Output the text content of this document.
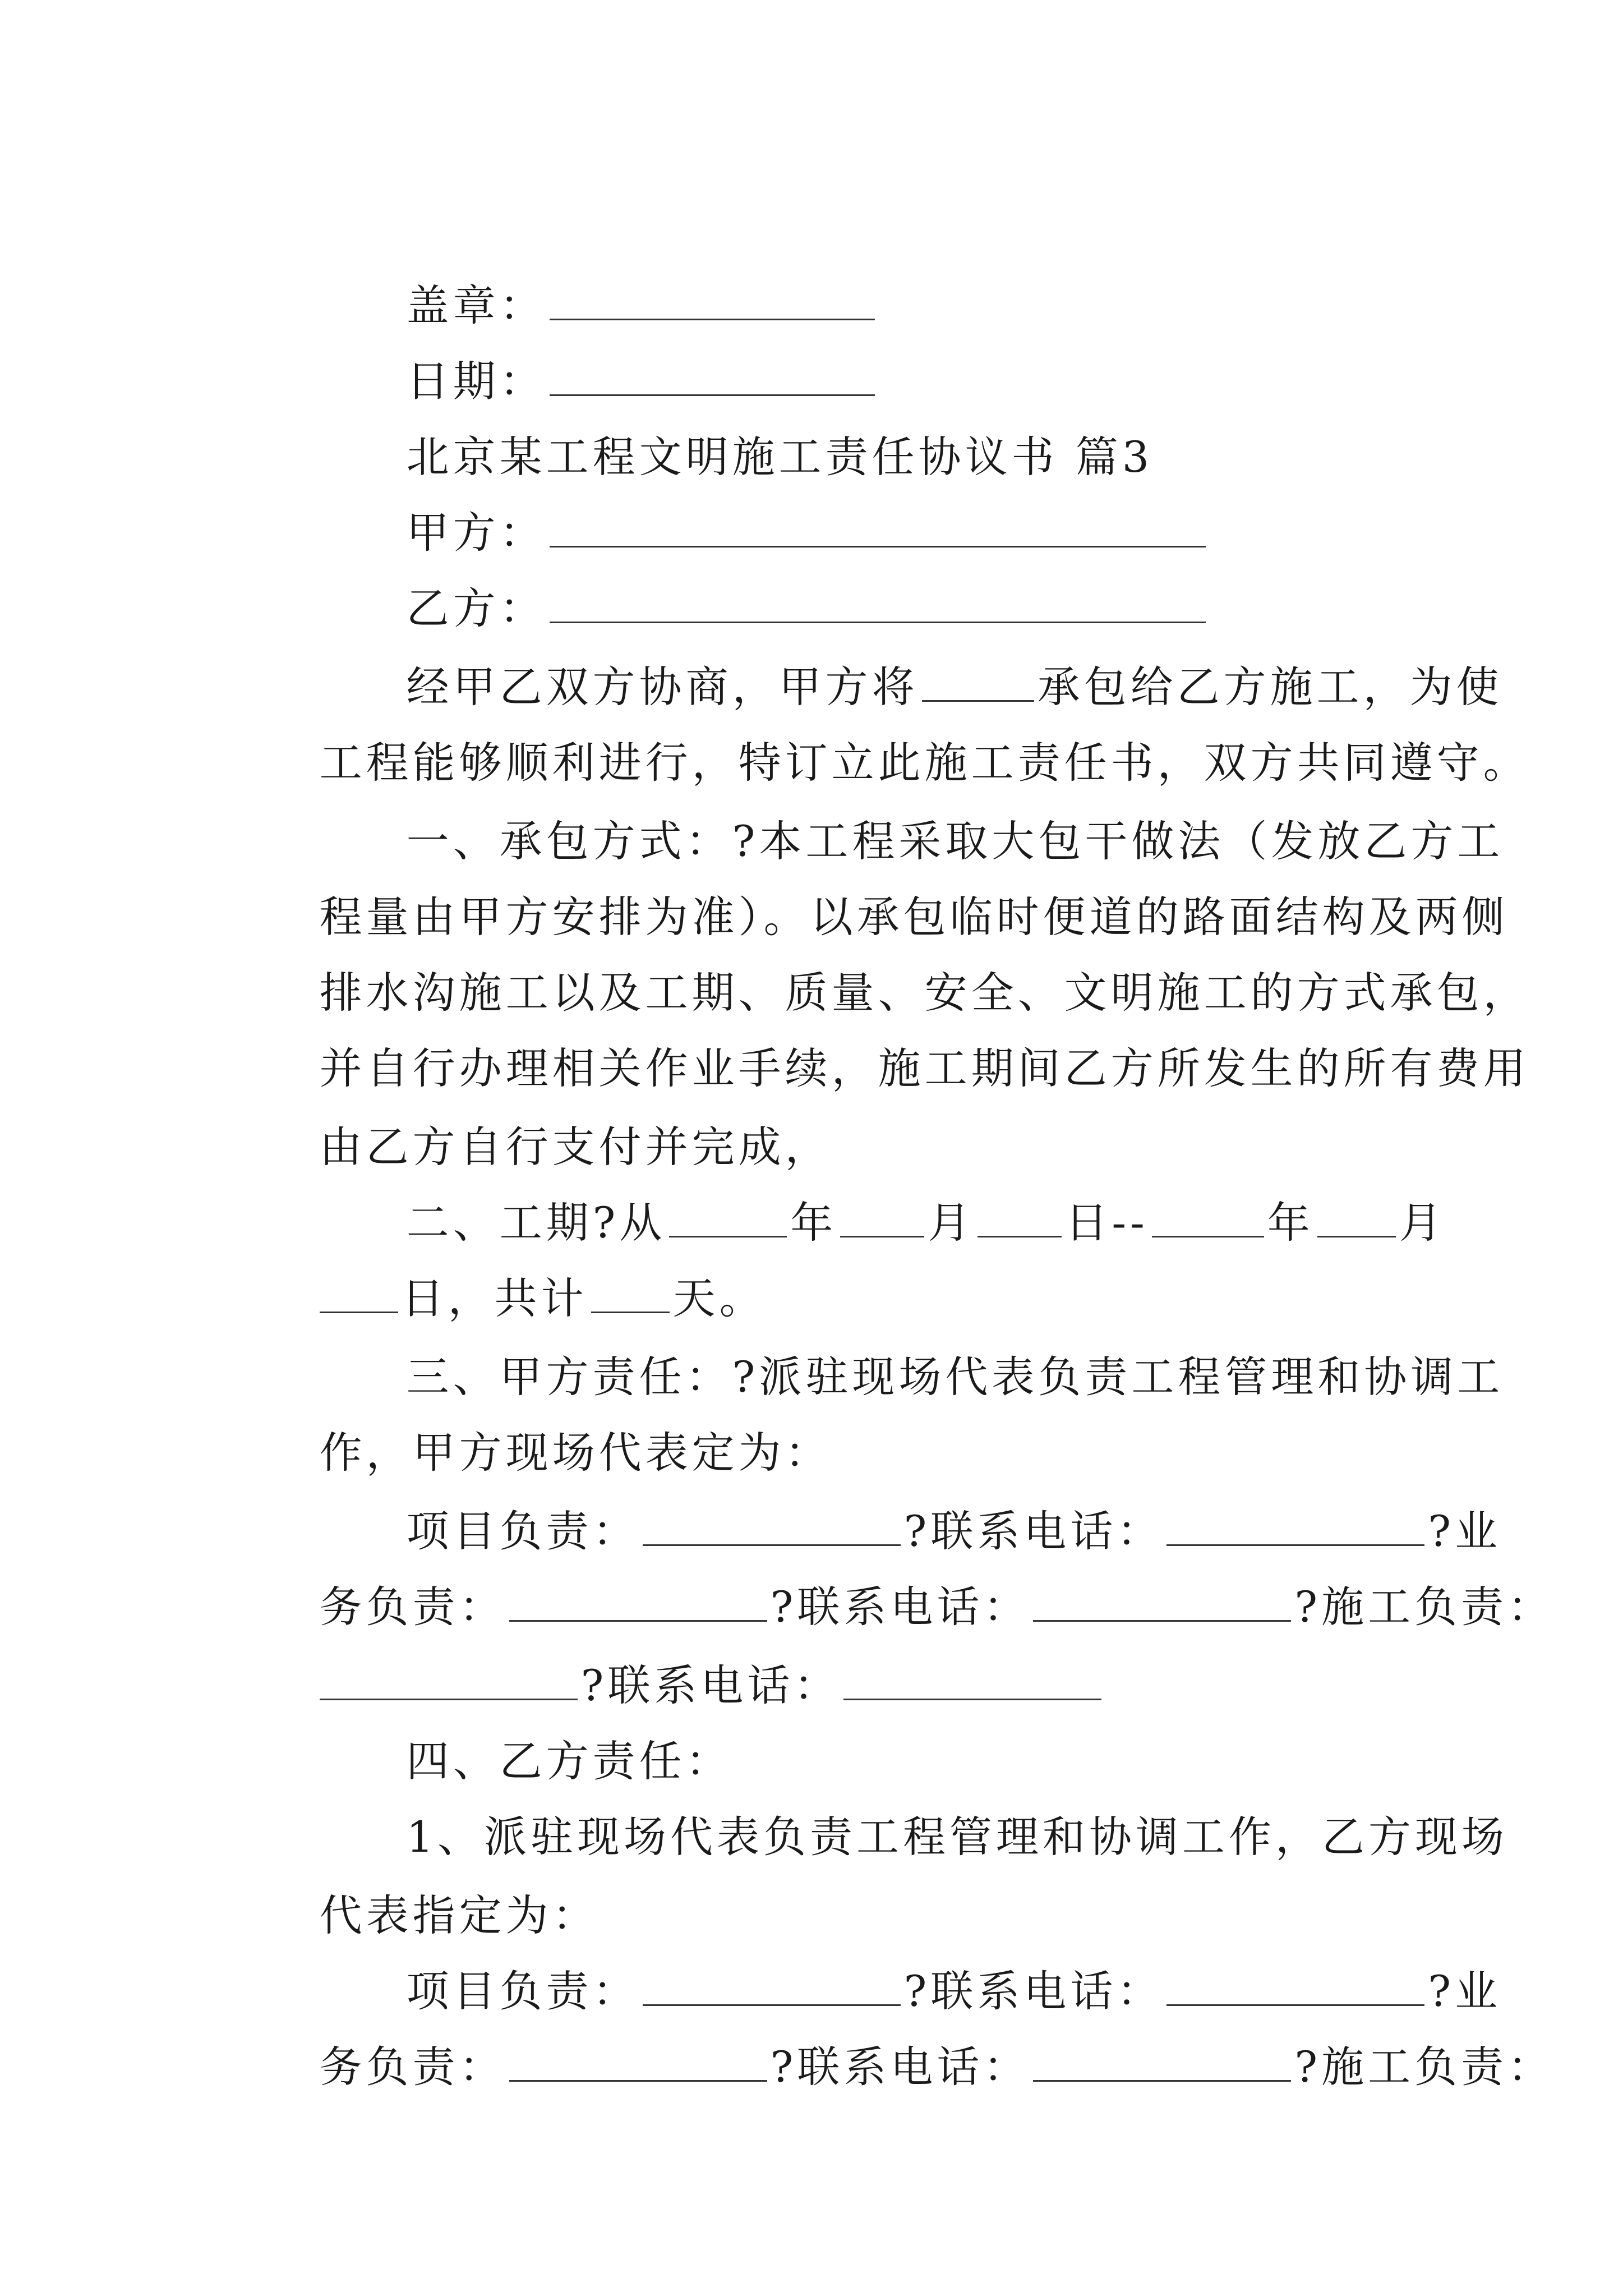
盖章：

日期：

北京某工程文明施工责任协议书 篇3

甲方：

乙方：

经甲乙双方协商，甲方将	承包给乙方施工，为使

工程能够顺利进行，特订立此施工责任书，双方共同遵守。

一、承包方式：?本工程采取大包干做法（发放乙方工

程量由甲方安排为准）。以承包临时便道的路面结构及两侧

排水沟施工以及工期、质量、安全、文明施工的方式承包，

并自行办理相关作业手续，施工期间乙方所发生的所有费用

由乙方自行支付并完成，

二、工期?从	年 月 日--	年 月

日，共计 天。

三、甲方责任：?派驻现场代表负责工程管理和协调工

作，甲方现场代表定为：

项目负责：	?联系电话：	?业

务负责：	?联系电话：	?施工负责：

?联系电话：

四、乙方责任：

1、派驻现场代表负责工程管理和协调工作，乙方现场

代表指定为：

项目负责：	?联系电话：	?业

务负责：	?联系电话：	?施工负责：
